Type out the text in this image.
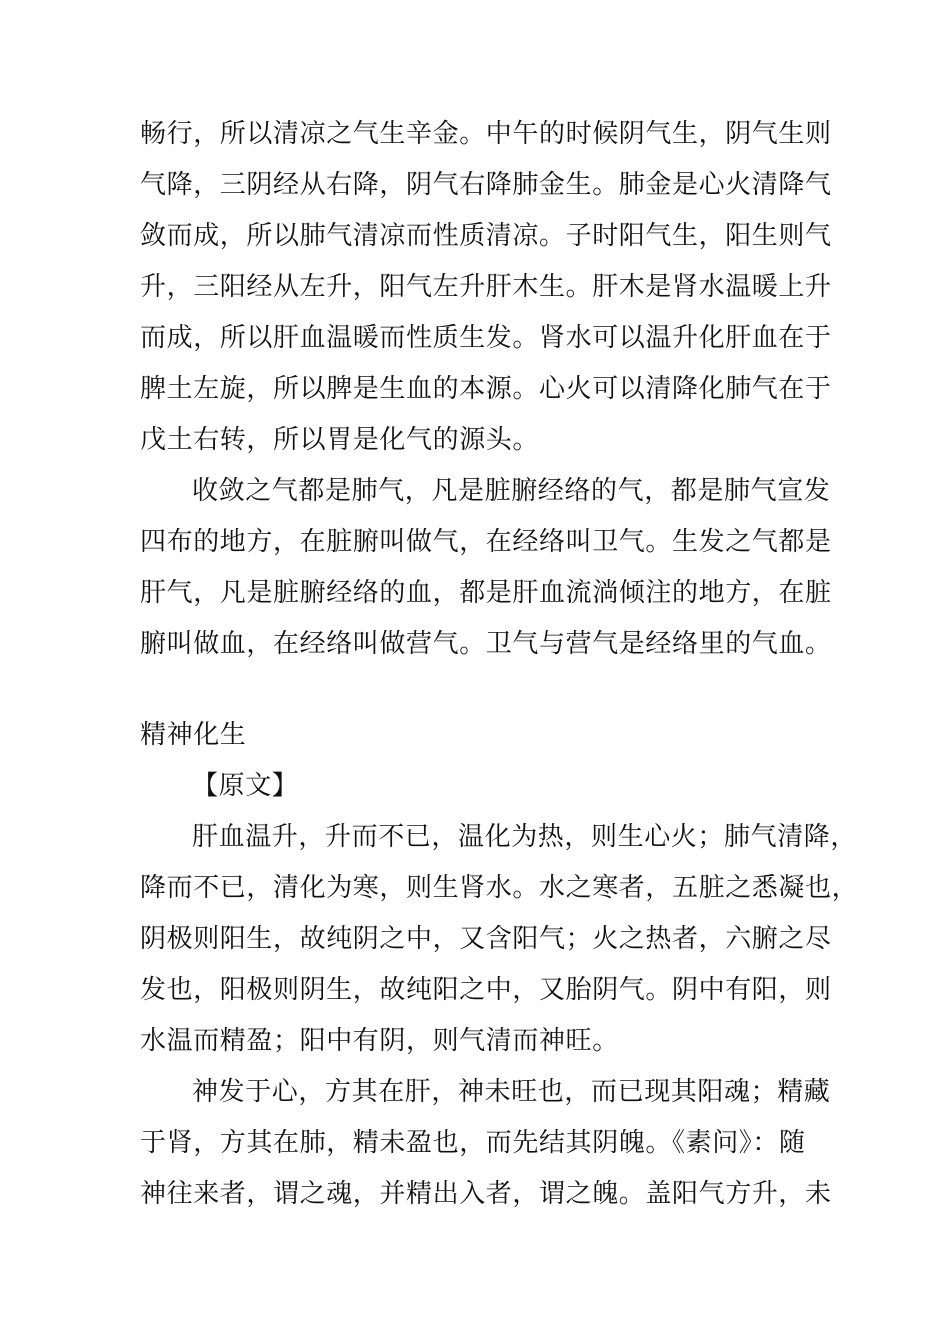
畅行，所以清凉之气生辛金。中午的时候阴气生，阴气生则
气降，三阴经从右降，阴气右降肺金生。肺金是心火清降气
敛而成，所以肺气清凉而性质清凉。子时阳气生，阳生则气
升，三阳经从左升，阳气左升肝木生。肝木是肾水温暖上升
而成，所以肝血温暖而性质生发。肾水可以温升化肝血在于
脾土左旋，所以脾是生血的本源。心火可以清降化肺气在于
戊土右转，所以胃是化气的源头。
收敛之气都是肺气，凡是脏腑经络的气，都是肺气宣发
四布的地方，在脏腑叫做气，在经络叫卫气。生发之气都是
肝气，凡是脏腑经络的血，都是肝血流淌倾注的地方，在脏
腑叫做血，在经络叫做营气。卫气与营气是经络里的气血。
精神化生
【原文】
肝血温升，升而不已，温化为热，则生心火；肺气清降，
降而不已，清化为寒，则生肾水。水之寒者，五脏之悉凝也，
阴极则阳生，故纯阴之中，又含阳气；火之热者，六腑之尽
发也，阳极则阴生，故纯阳之中，又胎阴气。阴中有阳，则
水温而精盈；阳中有阴，则气清而神旺。
神发于心，方其在肝，神未旺也，而已现其阳魂；精藏
于肾，方其在肺，精未盈也，而先结其阴魄。《素问》：随
神往来者，谓之魂，并精出入者，谓之魄。盖阳气方升，未
